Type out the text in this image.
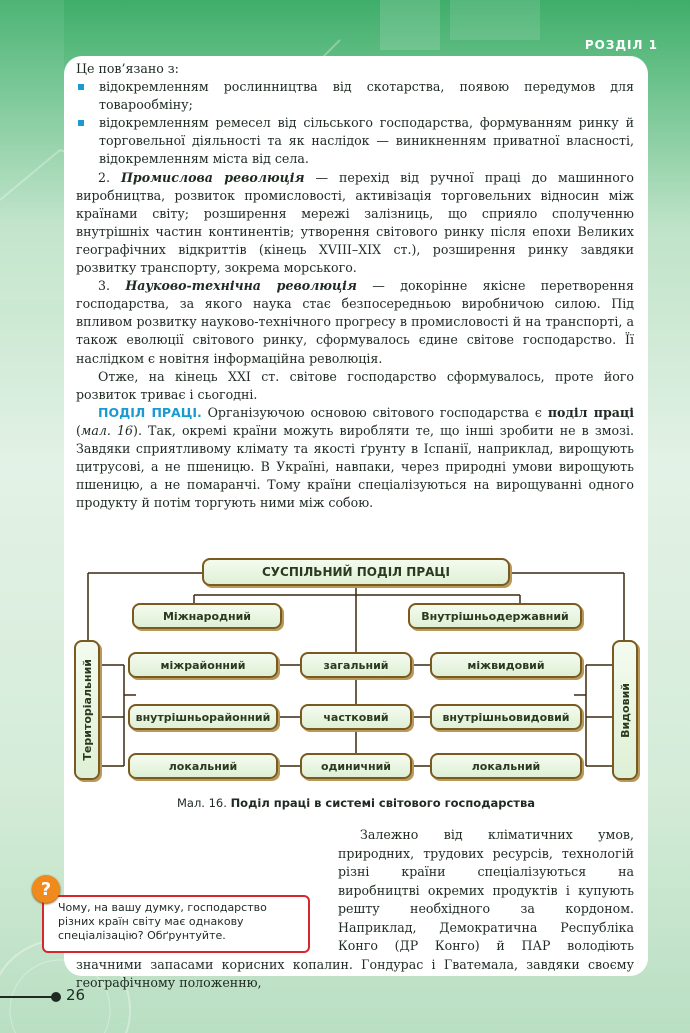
РОЗДІЛ 1

Це пов’язано з:

відокремленням рослинництва від скотарства, появою передумов для товарообміну;

відокремленням ремесел від сільського господарства, формуванням ринку й торговельної діяльності та як наслідок — виникненням приватної власності, відокремленням міста від села.

2. Промислова революція — перехід від ручної праці до машинного виробництва, розвиток промисловості, активізація торговельних відносин між країнами світу; розширення мережі залізниць, що сприяло сполученню внутрішніх частин континентів; утворення світового ринку після епохи Великих географічних відкриттів (кінець XVIII–XIX ст.), розширення ринку завдяки розвитку транспорту, зокрема морського.

3. Науково-технічна революція — докорінне якісне перетворення господарства, за якого наука стає безпосередньою виробничою силою. Під впливом розвитку науково-технічного прогресу в промисловості й на транспорті, а також еволюції світового ринку, сформувалось єдине світове господарство. Її наслідком є новітня інформаційна революція.

Отже, на кінець XXI ст. світове господарство сформувалось, проте його розвиток триває і сьогодні.

ПОДІЛ ПРАЦІ. Організуючою основою світового господарства є поділ праці (мал. 16). Так, окремі країни можуть виробляти те, що інші зробити не в змозі. Завдяки сприятливому клімату та якості ґрунту в Іспанії, наприклад, вирощують цитрусові, а не пшеницю. В Україні, навпаки, через природні умови вирощують пшеницю, а не помаранчі. Тому країни спеціалізуються на вирощуванні одного продукту й потім торгують ними між собою.

СУСПІЛЬНИЙ ПОДІЛ ПРАЦІ
Міжнародний	Внутрішньодержавний
Територіальний	Видовий
міжрайонний	загальний	міжвидовий
внутрішньорайонний	частковий	внутрішньовидовий
локальний	одиничний	локальний
Мал. 16. Поділ праці в системі світового господарства
Залежно від кліматичних умов, природних, трудових ресурсів, технологій різні країни спеціалізуються на виробництві окремих продуктів і купують решту необхідного за кордоном. Наприклад, Демократична Республіка Конго (ДР Конго) й ПАР володіють значними запасами корисних копалин. Гондурас і Гватемала, завдяки своєму географічному положенню,
Чому, на вашу думку, господарство різних країн світу має однакову спеціалізацію? Обґрунтуйте.
?
26
